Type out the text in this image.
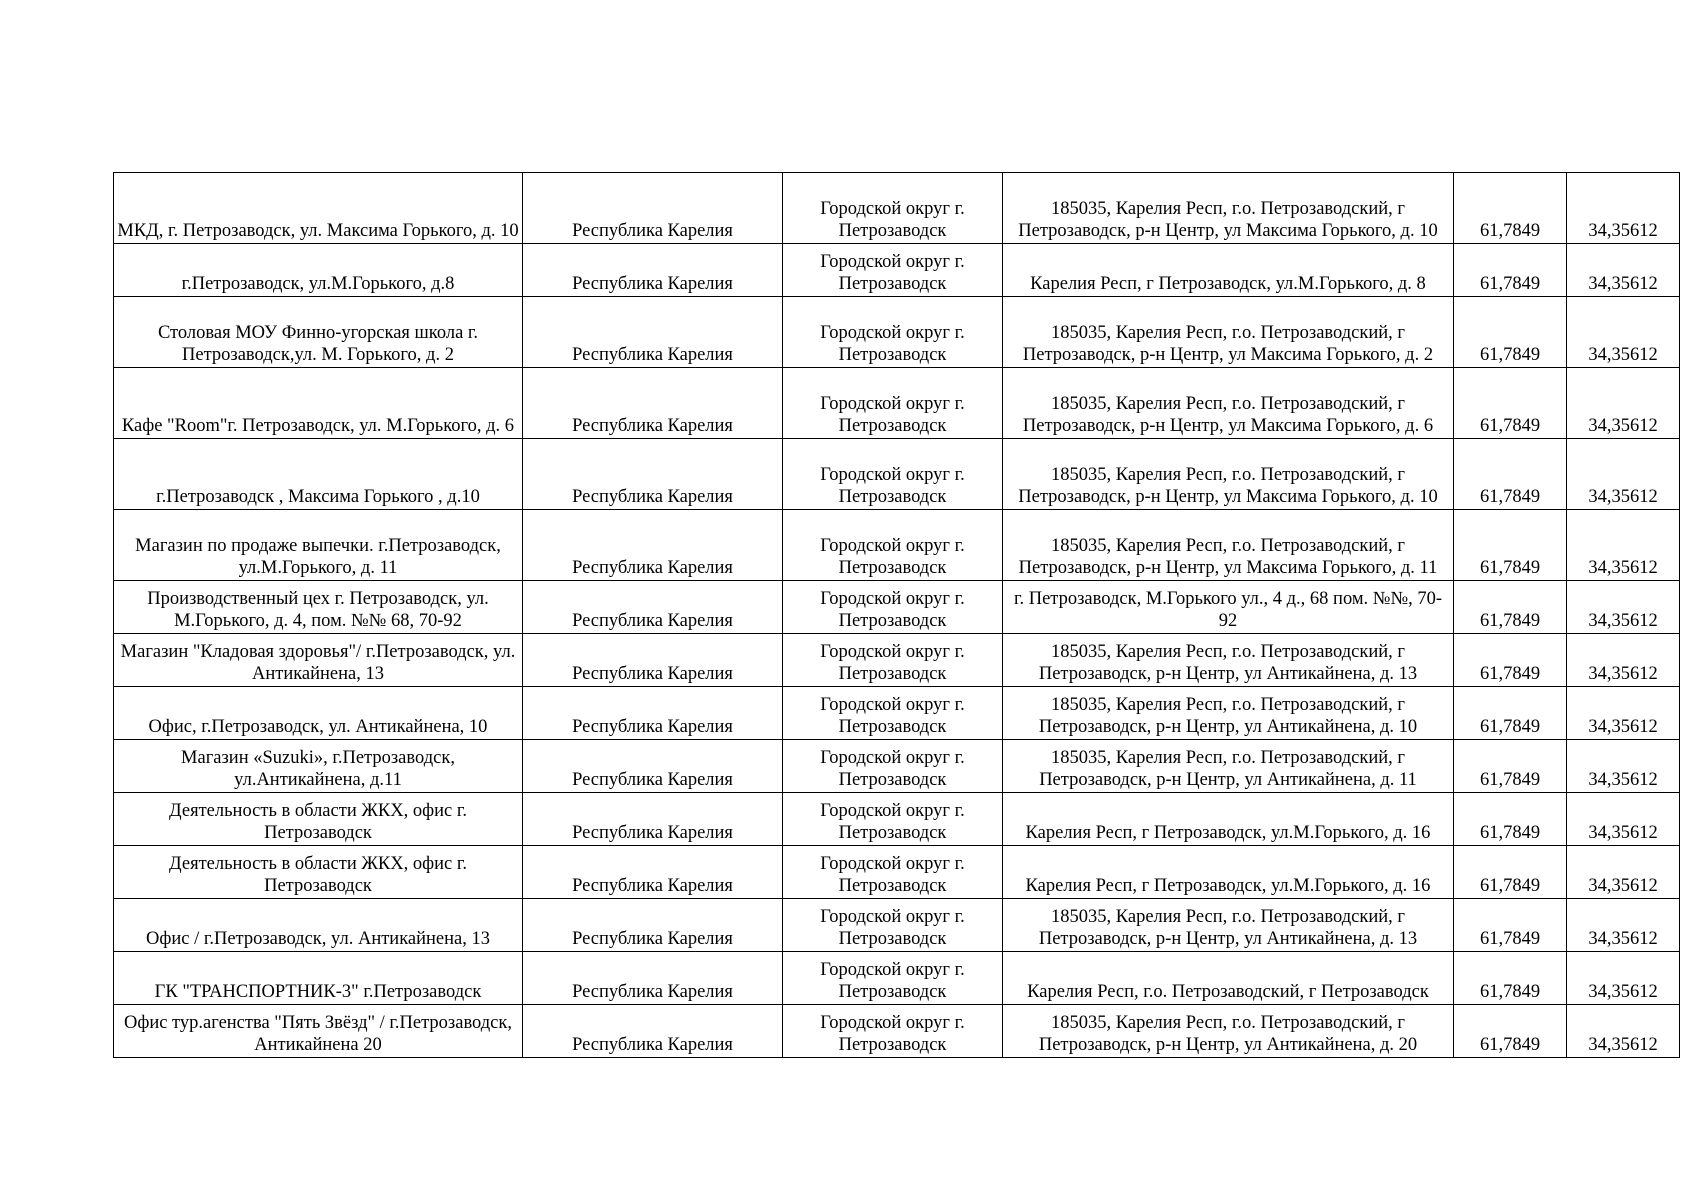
МКД, г. Петрозаводск, ул. Максима Горького, д. 10	Республика Карелия	Городской округ г. Петрозаводск	185035, Карелия Респ, г.о. Петрозаводский, г Петрозаводск, р-н Центр, ул Максима Горького, д. 10	61,7849	34,35612
г.Петрозаводск, ул.М.Горького, д.8	Республика Карелия	Городской округ г. Петрозаводск	Карелия Респ, г Петрозаводск, ул.М.Горького, д. 8	61,7849	34,35612
Столовая МОУ Финно-угорская школа г. Петрозаводск,ул. М. Горького, д. 2	Республика Карелия	Городской округ г. Петрозаводск	185035, Карелия Респ, г.о. Петрозаводский, г Петрозаводск, р-н Центр, ул Максима Горького, д. 2	61,7849	34,35612
Кафе "Room"г. Петрозаводск, ул. М.Горького, д. 6	Республика Карелия	Городской округ г. Петрозаводск	185035, Карелия Респ, г.о. Петрозаводский, г Петрозаводск, р-н Центр, ул Максима Горького, д. 6	61,7849	34,35612
г.Петрозаводск , Максима Горького , д.10	Республика Карелия	Городской округ г. Петрозаводск	185035, Карелия Респ, г.о. Петрозаводский, г Петрозаводск, р-н Центр, ул Максима Горького, д. 10	61,7849	34,35612
Магазин по продаже выпечки. г.Петрозаводск, ул.М.Горького, д. 11	Республика Карелия	Городской округ г. Петрозаводск	185035, Карелия Респ, г.о. Петрозаводский, г Петрозаводск, р-н Центр, ул Максима Горького, д. 11	61,7849	34,35612
Производственный цех г. Петрозаводск, ул. М.Горького, д. 4, пом. №№ 68, 70-92	Республика Карелия	Городской округ г. Петрозаводск	г. Петрозаводск, М.Горького ул., 4 д., 68 пом. №№, 70-92	61,7849	34,35612
Магазин "Кладовая здоровья"/ г.Петрозаводск, ул. Антикайнена, 13	Республика Карелия	Городской округ г. Петрозаводск	185035, Карелия Респ, г.о. Петрозаводский, г Петрозаводск, р-н Центр, ул Антикайнена, д. 13	61,7849	34,35612
Офис, г.Петрозаводск, ул. Антикайнена, 10	Республика Карелия	Городской округ г. Петрозаводск	185035, Карелия Респ, г.о. Петрозаводский, г Петрозаводск, р-н Центр, ул Антикайнена, д. 10	61,7849	34,35612
Магазин «Suzuki», г.Петрозаводск, ул.Антикайнена, д.11	Республика Карелия	Городской округ г. Петрозаводск	185035, Карелия Респ, г.о. Петрозаводский, г Петрозаводск, р-н Центр, ул Антикайнена, д. 11	61,7849	34,35612
Деятельность в области ЖКХ, офис г. Петрозаводск	Республика Карелия	Городской округ г. Петрозаводск	Карелия Респ, г Петрозаводск, ул.М.Горького, д. 16	61,7849	34,35612
Деятельность в области ЖКХ, офис г. Петрозаводск	Республика Карелия	Городской округ г. Петрозаводск	Карелия Респ, г Петрозаводск, ул.М.Горького, д. 16	61,7849	34,35612
Офис / г.Петрозаводск, ул. Антикайнена, 13	Республика Карелия	Городской округ г. Петрозаводск	185035, Карелия Респ, г.о. Петрозаводский, г Петрозаводск, р-н Центр, ул Антикайнена, д. 13	61,7849	34,35612
ГК "ТРАНСПОРТНИК-3" г.Петрозаводск	Республика Карелия	Городской округ г. Петрозаводск	Карелия Респ, г.о. Петрозаводский, г Петрозаводск	61,7849	34,35612
Офис тур.агенства "Пять Звёзд" / г.Петрозаводск, Антикайнена 20	Республика Карелия	Городской округ г. Петрозаводск	185035, Карелия Респ, г.о. Петрозаводский, г Петрозаводск, р-н Центр, ул Антикайнена, д. 20	61,7849	34,35612
